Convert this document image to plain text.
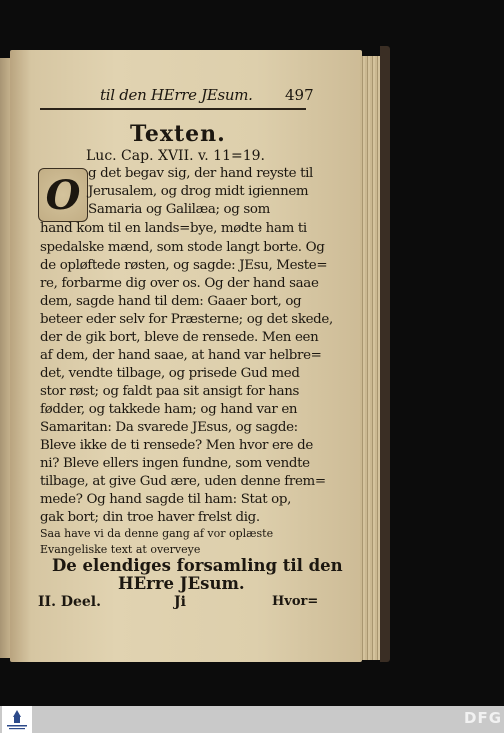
til den HErre JEsum. 497
Texten.
Luc. Cap. XVII. v. 11=19.
O g det begav sig, der hand reyste til
Jerusalem, og drog midt igiennem
Samaria og Galilæa; og som
hand kom til en lands=bye, mødte ham ti
spedalske mænd, som stode langt borte. Og
de opløftede røsten, og sagde: JEsu, Meste=
re, forbarme dig over os. Og der hand saae
dem, sagde hand til dem: Gaaer bort, og
beteer eder selv for Præsterne; og det skede,
der de gik bort, bleve de rensede. Men een
af dem, der hand saae, at hand var helbre=
det, vendte tilbage, og prisede Gud med
stor røst; og faldt paa sit ansigt for hans
fødder, og takkede ham; og hand var en
Samaritan: Da svarede JEsus, og sagde:
Bleve ikke de ti rensede? Men hvor ere de
ni? Bleve ellers ingen fundne, som vendte
tilbage, at give Gud ære, uden denne frem=
mede? Og hand sagde til ham: Stat op,
gak bort; din troe haver frelst dig.
Saa have vi da denne gang af vor oplæste Evangeliske text at overveye
De elendiges forsamling til den
HErre JEsum.
II. Deel.	Ji	Hvor=
DFG
